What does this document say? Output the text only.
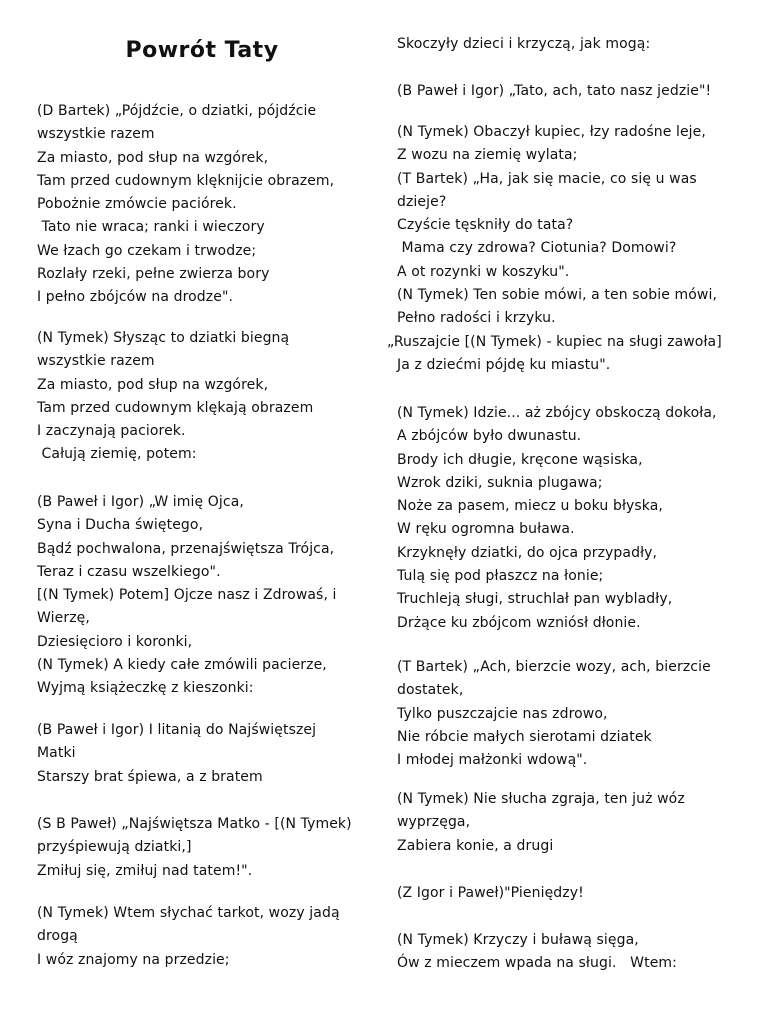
Powrót Taty
(D Bartek) „Pójdźcie, o dziatki, pójdźcie
wszystkie razem
Za miasto, pod słup na wzgórek,
Tam przed cudownym klęknijcie obrazem,
Pobożnie zmówcie paciórek.
Tato nie wraca; ranki i wieczory
We łzach go czekam i trwodze;
Rozlały rzeki, pełne zwierza bory
I pełno zbójców na drodze".
(N Tymek) Słysząc to dziatki biegną
wszystkie razem
Za miasto, pod słup na wzgórek,
Tam przed cudownym klękają obrazem
I zaczynają paciorek.
Całują ziemię, potem:
(B Paweł i Igor) „W imię Ojca,
Syna i Ducha świętego,
Bądź pochwalona, przenajświętsza Trójca,
Teraz i czasu wszelkiego".
[(N Tymek) Potem] Ojcze nasz i Zdrowaś, i
Wierzę,
Dziesięcioro i koronki,
(N Tymek) A kiedy całe zmówili pacierze,
Wyjmą książeczkę z kieszonki:
(B Paweł i Igor) I litanią do Najświętszej
Matki
Starszy brat śpiewa, a z bratem
(S B Paweł) „Najświętsza Matko - [(N Tymek)
przyśpiewują dziatki,]
Zmiłuj się, zmiłuj nad tatem!".
(N Tymek) Wtem słychać tarkot, wozy jadą
drogą
I wóz znajomy na przedzie;
Skoczyły dzieci i krzyczą, jak mogą:
(B Paweł i Igor) „Tato, ach, tato nasz jedzie"!
(N Tymek) Obaczył kupiec, łzy radośne leje,
Z wozu na ziemię wylata;
(T Bartek) „Ha, jak się macie, co się u was
dzieje?
Czyście tęsknіły do tata?
Mama czy zdrowa? Ciotunia? Domowi?
A ot rozynki w koszyku".
(N Tymek) Ten sobie mówi, a ten sobie mówi,
Pełno radości i krzyku.
„Ruszajcie [(N Tymek) - kupiec na sługi zawoła]
Ja z dziećmi pójdę ku miastu".
(N Tymek) Idzie... aż zbójcy obskoczą dokoła,
A zbójców było dwunastu.
Brody ich długie, kręcone wąsiska,
Wzrok dziki, suknia plugawa;
Noże za pasem, miecz u boku błyska,
W ręku ogromna buława.
Krzyknęły dziatki, do ojca przypadły,
Tulą się pod płaszcz na łonie;
Truchleją sługi, struchlał pan wybladły,
Drżące ku zbójcom wzniósł dłonie.
(T Bartek) „Ach, bierzcie wozy, ach, bierzcie
dostatek,
Tylko puszczajcie nas zdrowo,
Nie róbcie małych sierotami dziatek
I młodej małżonki wdową".
(N Tymek) Nie słucha zgraja, ten już wóz
wyprzęga,
Zabiera konie, a drugi
(Z Igor i Paweł)"Pieniędzy!
(N Tymek) Krzyczy i buławą sięga,
Ów z mieczem wpada na sługi.   Wtem:
